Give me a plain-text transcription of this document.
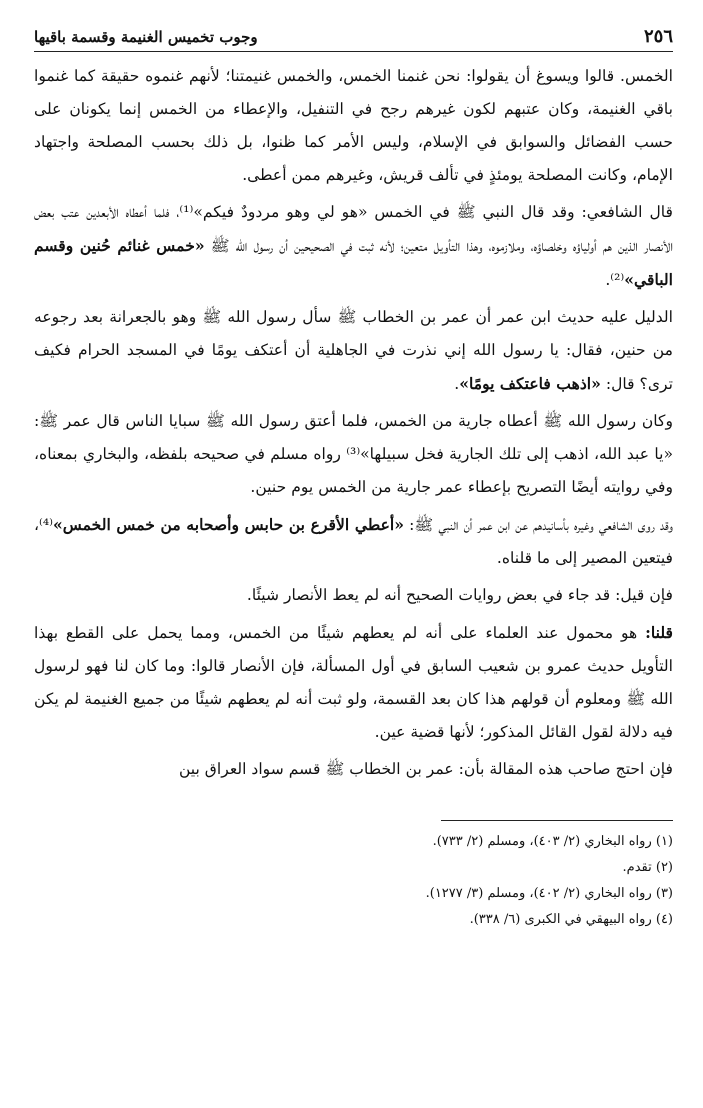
٢٥٦
وجوب تخميس الغنيمة وقسمة باقيها

الخمس. قالوا ويسوغ أن يقولوا: نحن غنمنا الخمس، والخمس غنيمتنا؛ لأنهم غنموه حقيقة كما غنموا باقي الغنيمة، وكان عتبهم لكون غيرهم رجح في التنفيل، والإعطاء من الخمس إنما يكونان على حسب الفضائل والسوابق في الإسلام، وليس الأمر كما ظنوا، بل ذلك بحسب المصلحة واجتهاد الإمام، وكانت المصلحة يومئذٍ في تألف قريش، وغيرهم ممن أعطى.

قال الشافعي: وقد قال النبي ﷺ في الخمس «هو لي وهو مردودٌ فيكم»⁽¹⁾، فلما أعطاه الأبعدين عتب بعض الأنصار الذين هم أولياؤه وخلصاؤه، وملازموه، وهذا التأويل متعين؛ لأنه ثبت في الصحيحين أن رسول الله ﷺ «خمس غنائم حُنين وقسم الباقي»⁽²⁾.

الدليل عليه حديث ابن عمر أن عمر بن الخطاب ﷺ سأل رسول الله ﷺ وهو بالجعرانة بعد رجوعه من حنين، فقال: يا رسول الله إني نذرت في الجاهلية أن أعتكف يومًا في المسجد الحرام فكيف ترى؟ قال: «اذهب فاعتكف يومًا».

وكان رسول الله ﷺ أعطاه جارية من الخمس، فلما أعتق رسول الله ﷺ سبايا الناس قال عمر ﷺ: «يا عبد الله، اذهب إلى تلك الجارية فخل سبيلها»⁽³⁾ رواه مسلم في صحيحه بلفظه، والبخاري بمعناه، وفي روايته أيضًا التصريح بإعطاء عمر جارية من الخمس يوم حنين.

وقد روى الشافعي وغيره بأسانيدهم عن ابن عمر أن النبي ﷺ: «أعطي الأقرع بن حابس وأصحابه من خمس الخمس»⁽⁴⁾، فيتعين المصير إلى ما قلناه.

فإن قيل: قد جاء في بعض روايات الصحيح أنه لم يعط الأنصار شيئًا.

قلنا: هو محمول عند العلماء على أنه لم يعطهم شيئًا من الخمس، ومما يحمل على القطع بهذا التأويل حديث عمرو بن شعيب السابق في أول المسألة، فإن الأنصار قالوا: وما كان لنا فهو لرسول الله ﷺ ومعلوم أن قولهم هذا كان بعد القسمة، ولو ثبت أنه لم يعطهم شيئًا من جميع الغنيمة لم يكن فيه دلالة لقول القائل المذكور؛ لأنها قضية عين.

فإن احتج صاحب هذه المقالة بأن: عمر بن الخطاب ﷺ قسم سواد العراق بين

(١) رواه البخاري (٢/ ٤٠٣)، ومسلم (٢/ ٧٣٣).

(٢) تقدم.

(٣) رواه البخاري (٢/ ٤٠٢)، ومسلم (٣/ ١٢٧٧).

(٤) رواه البيهقي في الكبرى (٦/ ٣٣٨).
